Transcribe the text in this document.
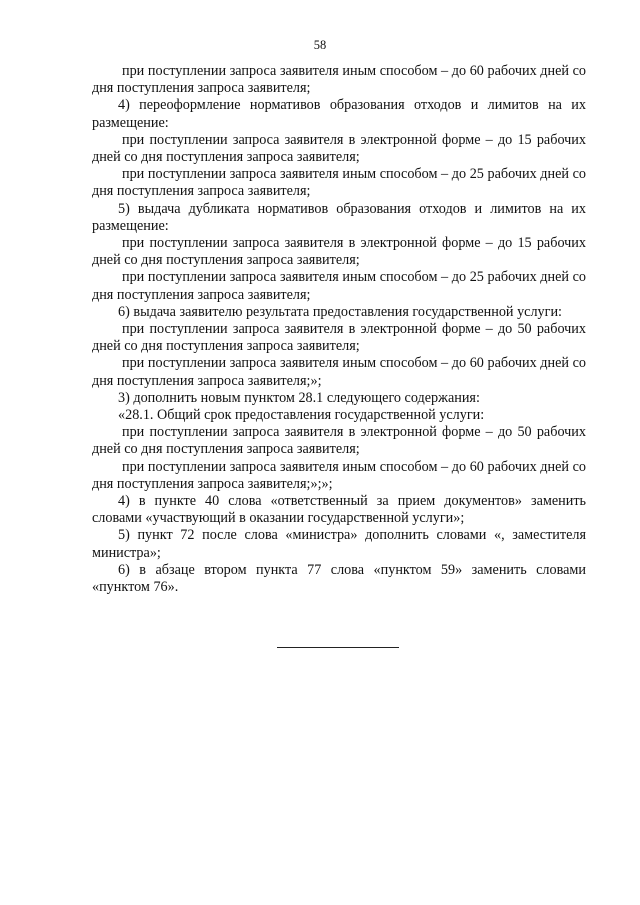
58

при поступлении запроса заявителя иным способом – до 60 рабочих дней со дня поступления запроса заявителя;

4) переоформление нормативов образования отходов и лимитов на их размещение:

при поступлении запроса заявителя в электронной форме – до 15 рабочих дней со дня поступления запроса заявителя;

при поступлении запроса заявителя иным способом – до 25 рабочих дней со дня поступления запроса заявителя;

5) выдача дубликата нормативов образования отходов и лимитов на их размещение:

при поступлении запроса заявителя в электронной форме – до 15 рабочих дней со дня поступления запроса заявителя;

при поступлении запроса заявителя иным способом – до 25 рабочих дней со дня поступления запроса заявителя;

6) выдача заявителю результата предоставления государственной услуги:

при поступлении запроса заявителя в электронной форме – до 50 рабочих дней со дня поступления запроса заявителя;

при поступлении запроса заявителя иным способом – до 60 рабочих дней со дня поступления запроса заявителя;»;

3) дополнить новым пунктом 28.1 следующего содержания:

«28.1. Общий срок предоставления государственной услуги:

при поступлении запроса заявителя в электронной форме – до 50 рабочих дней со дня поступления запроса заявителя;

при поступлении запроса заявителя иным способом – до 60 рабочих дней со дня поступления запроса заявителя;»;»;

4) в пункте 40 слова «ответственный за прием документов» заменить словами «участвующий в оказании государственной услуги»;

5) пункт 72 после слова «министра» дополнить словами «, заместителя министра»;

6) в абзаце втором пункта 77 слова «пунктом 59» заменить словами «пунктом 76».
